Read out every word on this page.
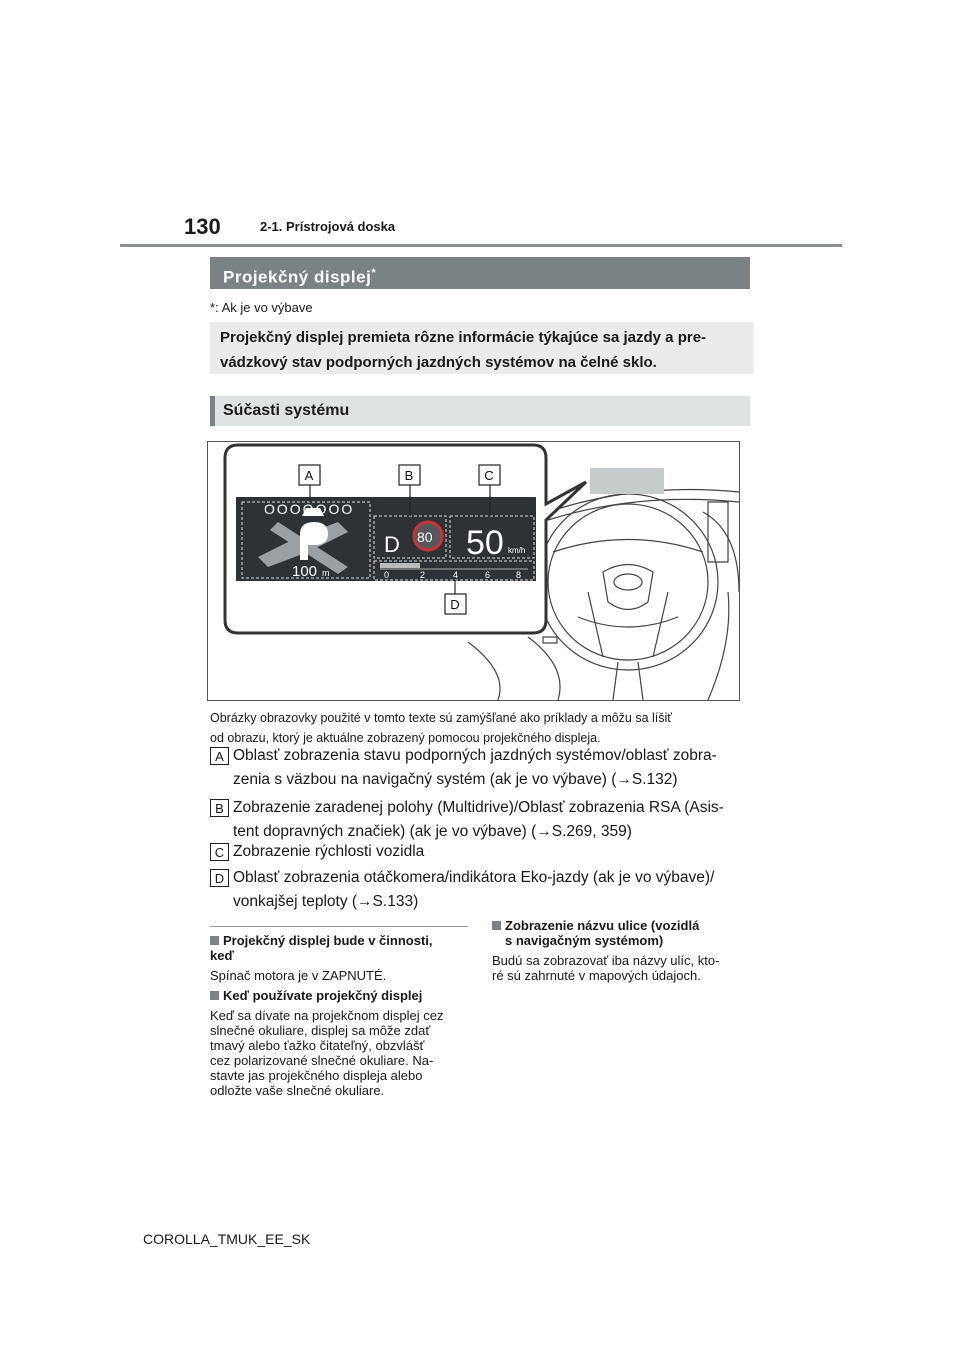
130	2-1. Prístrojová doska
Projekčný displej*
*: Ak je vo výbave
Projekčný displej premieta rôzne informácie týkajúce sa jazdy a pre-
vádzkový stav podporných jazdných systémov na čelné sklo.
Súčasti systému
OOOOOOO
100 m
D 80 50 km/h
0	2	4	6	8
A	B	C
D
Obrázky obrazovky použité v tomto texte sú zamýšľané ako príklady a môžu sa líšiť
od obrazu, ktorý je aktuálne zobrazený pomocou projekčného displeja.
A Oblasť zobrazenia stavu podporných jazdných systémov/oblasť zobra-
zenia s väzbou na navigačný systém (ak je vo výbave) (→S.132)
B Zobrazenie zaradenej polohy (Multidrive)/Oblasť zobrazenia RSA (Asis-
tent dopravných značiek) (ak je vo výbave) (→S.269, 359)
C Zobrazenie rýchlosti vozidla
D Oblasť zobrazenia otáčkomera/indikátora Eko-jazdy (ak je vo výbave)/
vonkajšej teploty (→S.133)
Projekčný displej bude v činnosti,
keď
Spínač motora je v ZAPNUTÉ.
Keď používate projekčný displej
Keď sa dívate na projekčnom displej cez
slnečné okuliare, displej sa môže zdať
tmavý alebo ťažko čitateľný, obzvlášť
cez polarizované slnečné okuliare. Na-
stavte jas projekčného displeja alebo
odložte vaše slnečné okuliare.
Zobrazenie názvu ulice (vozidlá
s navigačným systémom)
Budú sa zobrazovať iba názvy ulíc, kto-
ré sú zahrnuté v mapových údajoch.
COROLLA_TMUK_EE_SK
